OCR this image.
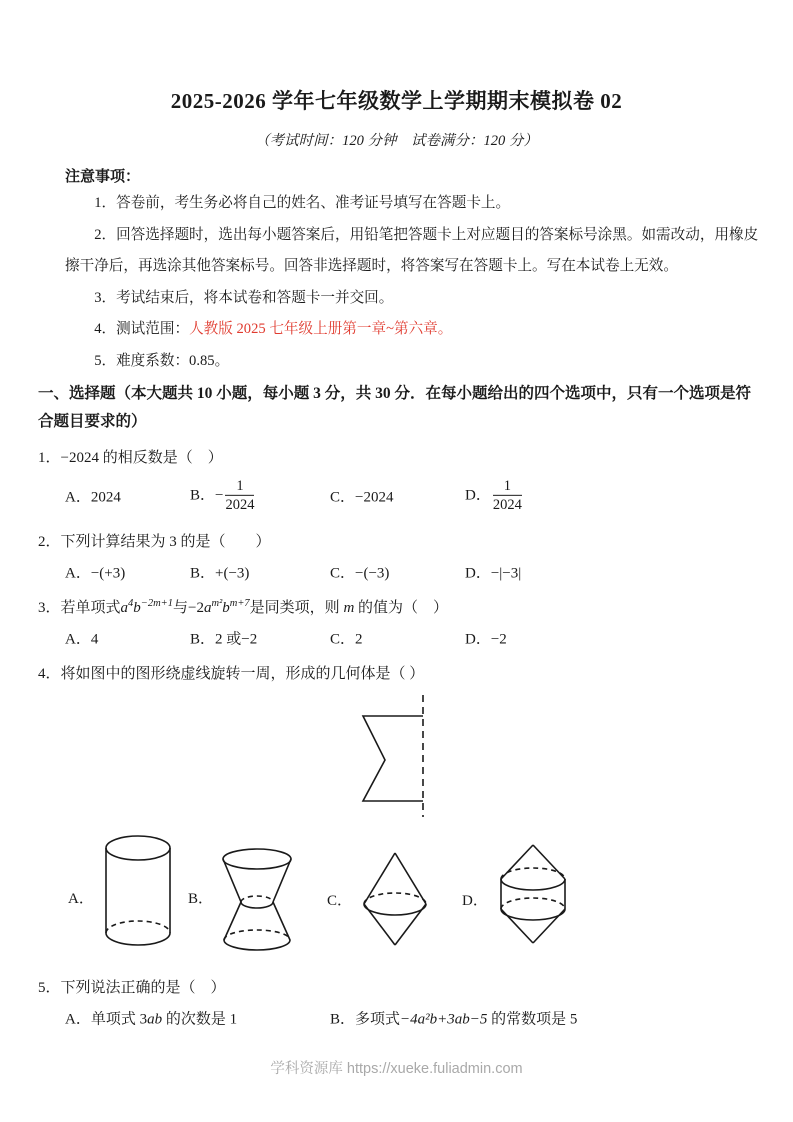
2025-2026 学年七年级数学上学期期末模拟卷 02
（考试时间：120 分钟　试卷满分：120 分）
注意事项：

1．答卷前，考生务必将自己的姓名、准考证号填写在答题卡上。

2．回答选择题时，选出每小题答案后，用铅笔把答题卡上对应题目的答案标号涂黑。如需改动，用橡皮擦干净后，再选涂其他答案标号。回答非选择题时，将答案写在答题卡上。写在本试卷上无效。

3．考试结束后，将本试卷和答题卡一并交回。

4．测试范围：人教版 2025 七年级上册第一章~第六章。

5．难度系数：0.85。

一、选择题（本大题共 10 小题，每小题 3 分，共 30 分．在每小题给出的四个选项中，只有一个选项是符合题目要求的）

1．−2024 的相反数是（　）

A．2024	B．− $\frac{1}{2024}$	C．−2024	D． $\frac{1}{2024}$

2．下列计算结果为 3 的是（　　）

A．−(+3)	B．+(−3)	C．−(−3)	D．−|−3|

3．若单项式$a^4b^{-2m+1}$与$-2a^{m^2}b^{m+7}$是同类项，则 m 的值为（　）

A．4	B．2 或−2	C．2	D．−2

4．将如图中的图形绕虚线旋转一周，形成的几何体是（ ）

A．	B．	C．	D．

5．下列说法正确的是（　）

A．单项式 3ab 的次数是 1	B．多项式−4a²b+3ab−5 的常数项是 5
学科资源库 https://xueke.fuliadmin.com
